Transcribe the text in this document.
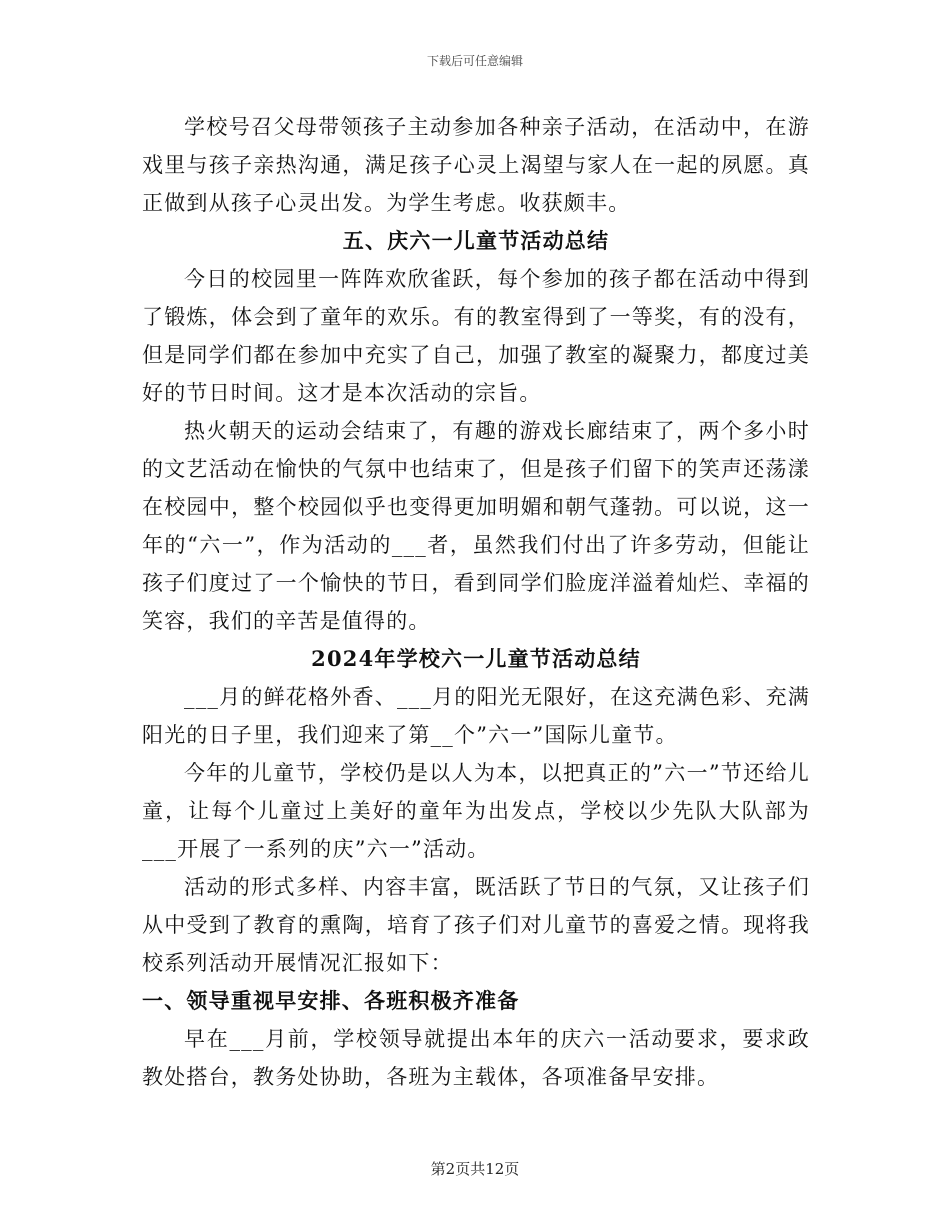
下载后可任意编辑

学校号召父母带领孩子主动参加各种亲子活动，在活动中，在游戏里与孩子亲热沟通，满足孩子心灵上渴望与家人在一起的夙愿。真正做到从孩子心灵出发。为学生考虑。收获颇丰。

五、庆六一儿童节活动总结

今日的校园里一阵阵欢欣雀跃，每个参加的孩子都在活动中得到了锻炼，体会到了童年的欢乐。有的教室得到了一等奖，有的没有，但是同学们都在参加中充实了自己，加强了教室的凝聚力，都度过美好的节日时间。这才是本次活动的宗旨。

热火朝天的运动会结束了，有趣的游戏长廊结束了，两个多小时的文艺活动在愉快的气氛中也结束了，但是孩子们留下的笑声还荡漾在校园中，整个校园似乎也变得更加明媚和朝气蓬勃。可以说，这一年的“六一”，作为活动的___者，虽然我们付出了许多劳动，但能让孩子们度过了一个愉快的节日，看到同学们脸庞洋溢着灿烂、幸福的笑容，我们的辛苦是值得的。

2024年学校六一儿童节活动总结

___月的鲜花格外香、___月的阳光无限好，在这充满色彩、充满阳光的日子里，我们迎来了第__个”六一”国际儿童节。

今年的儿童节，学校仍是以人为本，以把真正的”六一”节还给儿童，让每个儿童过上美好的童年为出发点，学校以少先队大队部为___开展了一系列的庆”六一”活动。

活动的形式多样、内容丰富，既活跃了节日的气氛，又让孩子们从中受到了教育的熏陶，培育了孩子们对儿童节的喜爱之情。现将我校系列活动开展情况汇报如下：

一、领导重视早安排、各班积极齐准备

早在___月前，学校领导就提出本年的庆六一活动要求，要求政教处搭台，教务处协助，各班为主载体，各项准备早安排。

第2页共12页
